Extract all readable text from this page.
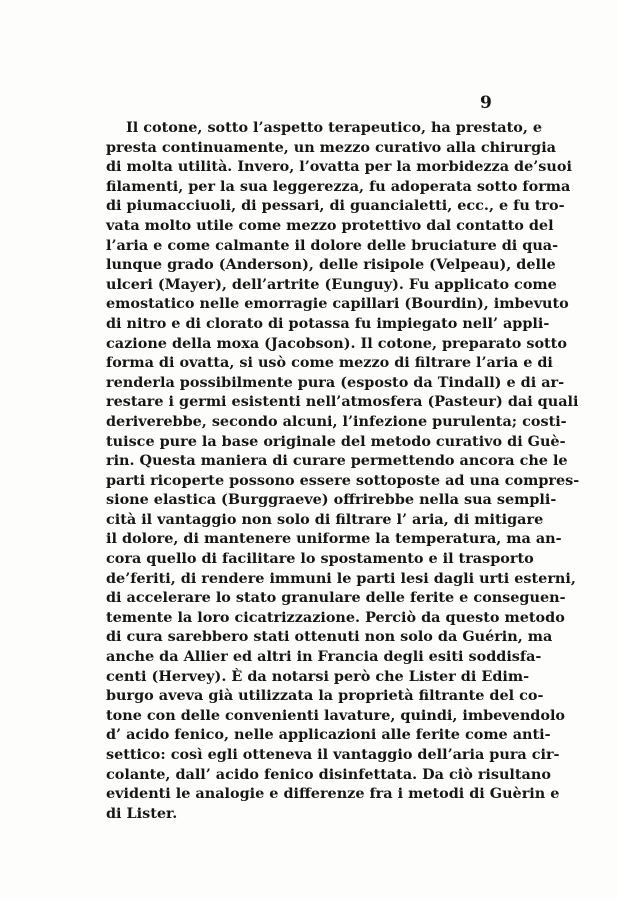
9
Il cotone, sotto l’aspetto terapeutico, ha prestato, e
presta continuamente, un mezzo curativo alla chirurgia
di molta utilità. Invero, l’ovatta per la morbidezza de’suoi
filamenti, per la sua leggerezza, fu adoperata sotto forma
di piumacciuoli, di pessari, di guancialetti, ecc., e fu tro-
vata molto utile come mezzo protettivo dal contatto del
l’aria e come calmante il dolore delle bruciature di qua-
lunque grado (Anderson), delle risipole (Velpeau), delle
ulceri (Mayer), dell’artrite (Eunguy). Fu applicato come
emostatico nelle emorragie capillari (Bourdin), imbevuto
di nitro e di clorato di potassa fu impiegato nell’ appli-
cazione della moxa (Jacobson). Il cotone, preparato sotto
forma di ovatta, si usò come mezzo di filtrare l’aria e di
renderla possibilmente pura (esposto da Tindall) e di ar-
restare i germi esistenti nell’atmosfera (Pasteur) dai quali
deriverebbe, secondo alcuni, l’infezione purulenta; costi-
tuisce pure la base originale del metodo curativo di Guè-
rin. Questa maniera di curare permettendo ancora che le
parti ricoperte possono essere sottoposte ad una compres-
sione elastica (Burggraeve) offrirebbe nella sua sempli-
cità il vantaggio non solo di filtrare l’ aria, di mitigare
il dolore, di mantenere uniforme la temperatura, ma an-
cora quello di facilitare lo spostamento e il trasporto
de’feriti, di rendere immuni le parti lesi dagli urti esterni,
di accelerare lo stato granulare delle ferite e conseguen-
temente la loro cicatrizzazione. Perciò da questo metodo
di cura sarebbero stati ottenuti non solo da Guérin, ma
anche da Allier ed altri in Francia degli esiti soddisfa-
centi (Hervey). È da notarsi però che Lister di Edim-
burgo aveva già utilizzata la proprietà filtrante del co-
tone con delle convenienti lavature, quindi, imbevendolo
d’ acido fenico, nelle applicazioni alle ferite come anti-
settico: così egli otteneva il vantaggio dell’aria pura cir-
colante, dall’ acido fenico disinfettata. Da ciò risultano
evidenti le analogie e differenze fra i metodi di Guèrin e
di Lister.
